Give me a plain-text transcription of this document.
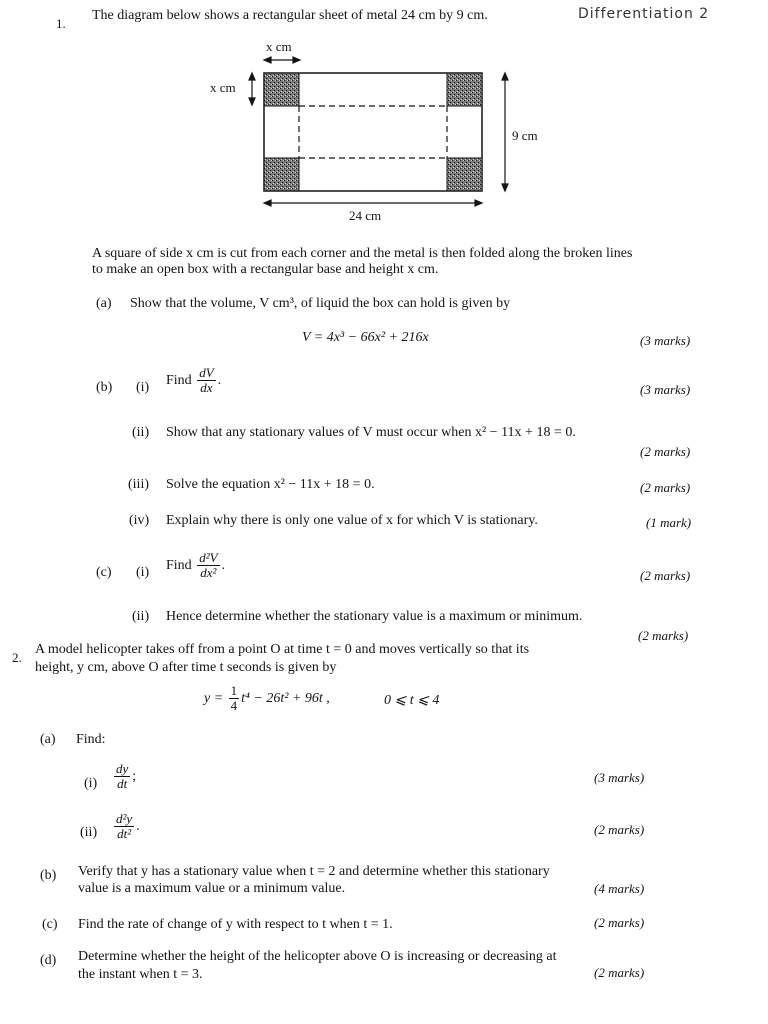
1.
The diagram below shows a rectangular sheet of metal 24 cm by 9 cm.	Differentiation 2
x cm
x cm
9 cm
24 cm
A square of side x cm is cut from each corner and the metal is then folded along the broken lines
to make an open box with a rectangular base and height x cm.
(a) Show that the volume, V cm³, of liquid the box can hold is given by
V = 4x³ − 66x² + 216x	(3 marks)
(b) (i) Find $\frac{dV}{dx}$ .
(3 marks)
(ii) Show that any stationary values of V must occur when x² − 11x + 18 = 0.
(2 marks)
(iii) Solve the equation x² − 11x + 18 = 0.	(2 marks)
(iv) Explain why there is only one value of x for which V is stationary.	(1 mark)
(c) (i) Find $\frac{\text{d²V}}{\text{dx²}}$ .
(2 marks)
(ii) Hence determine whether the stationary value is a maximum or minimum.
(2 marks)
2.
A model helicopter takes off from a point O at time t = 0 and moves vertically so that its
height, y cm, above O after time t seconds is given by
$y = \frac{1}{4} t^4 - 26t^2 + 96t$ ,	0 ⩽ t ⩽ 4
(a) Find:
$(i) \frac{dy}{dt}$ ;	(3 marks)
$(ii) \frac{\text{d²y}}{\text{dt²}}$ .	(2 marks)
(b) Verify that y has a stationary value when t = 2 and determine whether this stationary
value is a maximum value or a minimum value.	(4 marks)
(c) Find the rate of change of y with respect to t when t = 1.	(2 marks)
(d) Determine whether the height of the helicopter above O is increasing or decreasing at
the instant when t = 3.	(2 marks)
